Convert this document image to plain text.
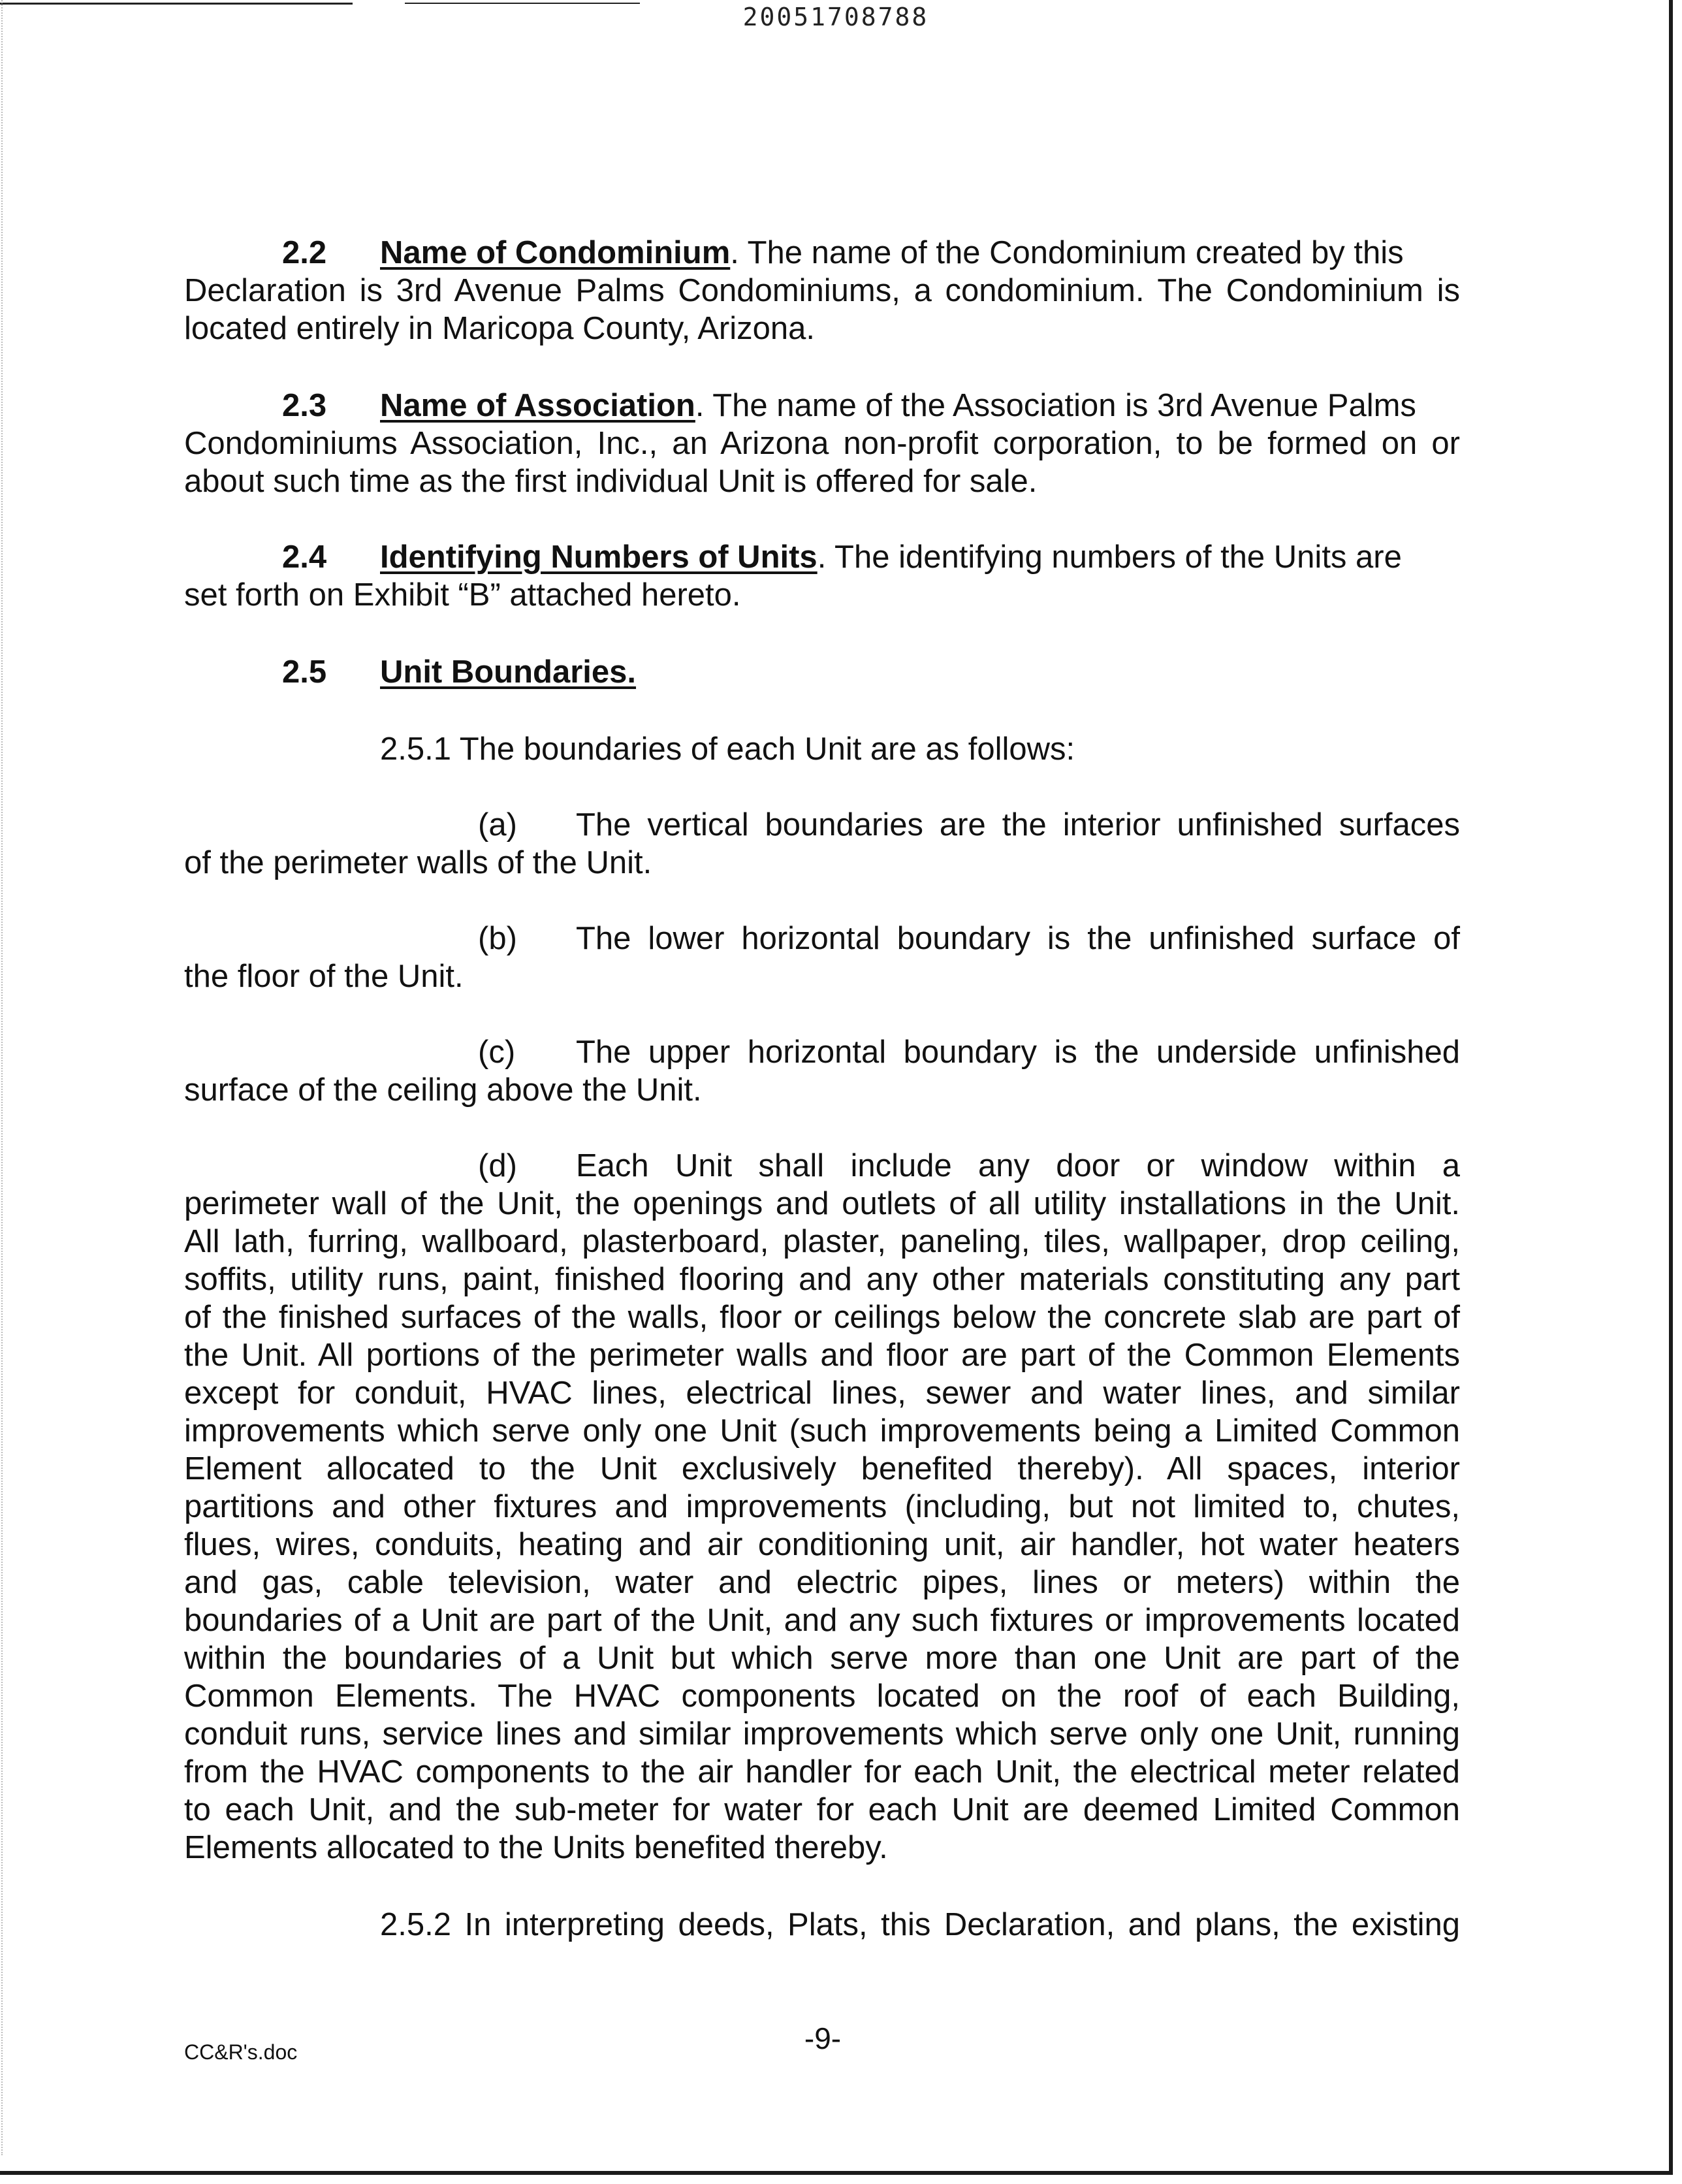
20051708788
2.2 Name of Condominium. The name of the Condominium created by this
Declaration is 3rd Avenue Palms Condominiums, a condominium. The Condominium is
located entirely in Maricopa County, Arizona.
2.3 Name of Association. The name of the Association is 3rd Avenue Palms
Condominiums Association, Inc., an Arizona non-profit corporation, to be formed on or
about such time as the first individual Unit is offered for sale.
2.4 Identifying Numbers of Units. The identifying numbers of the Units are
set forth on Exhibit “B” attached hereto.
2.5 Unit Boundaries.
2.5.1 The boundaries of each Unit are as follows:
(a) The vertical boundaries are the interior unfinished surfaces
of the perimeter walls of the Unit.
(b) The lower horizontal boundary is the unfinished surface of
the floor of the Unit.
(c) The upper horizontal boundary is the underside unfinished
surface of the ceiling above the Unit.
(d) Each Unit shall include any door or window within a
perimeter wall of the Unit, the openings and outlets of all utility installations in the Unit.
All lath, furring, wallboard, plasterboard, plaster, paneling, tiles, wallpaper, drop ceiling,
soffits, utility runs, paint, finished flooring and any other materials constituting any part
of the finished surfaces of the walls, floor or ceilings below the concrete slab are part of
the Unit. All portions of the perimeter walls and floor are part of the Common Elements
except for conduit, HVAC lines, electrical lines, sewer and water lines, and similar
improvements which serve only one Unit (such improvements being a Limited Common
Element allocated to the Unit exclusively benefited thereby). All spaces, interior
partitions and other fixtures and improvements (including, but not limited to, chutes,
flues, wires, conduits, heating and air conditioning unit, air handler, hot water heaters
and gas, cable television, water and electric pipes, lines or meters) within the
boundaries of a Unit are part of the Unit, and any such fixtures or improvements located
within the boundaries of a Unit but which serve more than one Unit are part of the
Common Elements. The HVAC components located on the roof of each Building,
conduit runs, service lines and similar improvements which serve only one Unit, running
from the HVAC components to the air handler for each Unit, the electrical meter related
to each Unit, and the sub-meter for water for each Unit are deemed Limited Common
Elements allocated to the Units benefited thereby.
2.5.2 In interpreting deeds, Plats, this Declaration, and plans, the existing
-9-
CC&R's.doc
